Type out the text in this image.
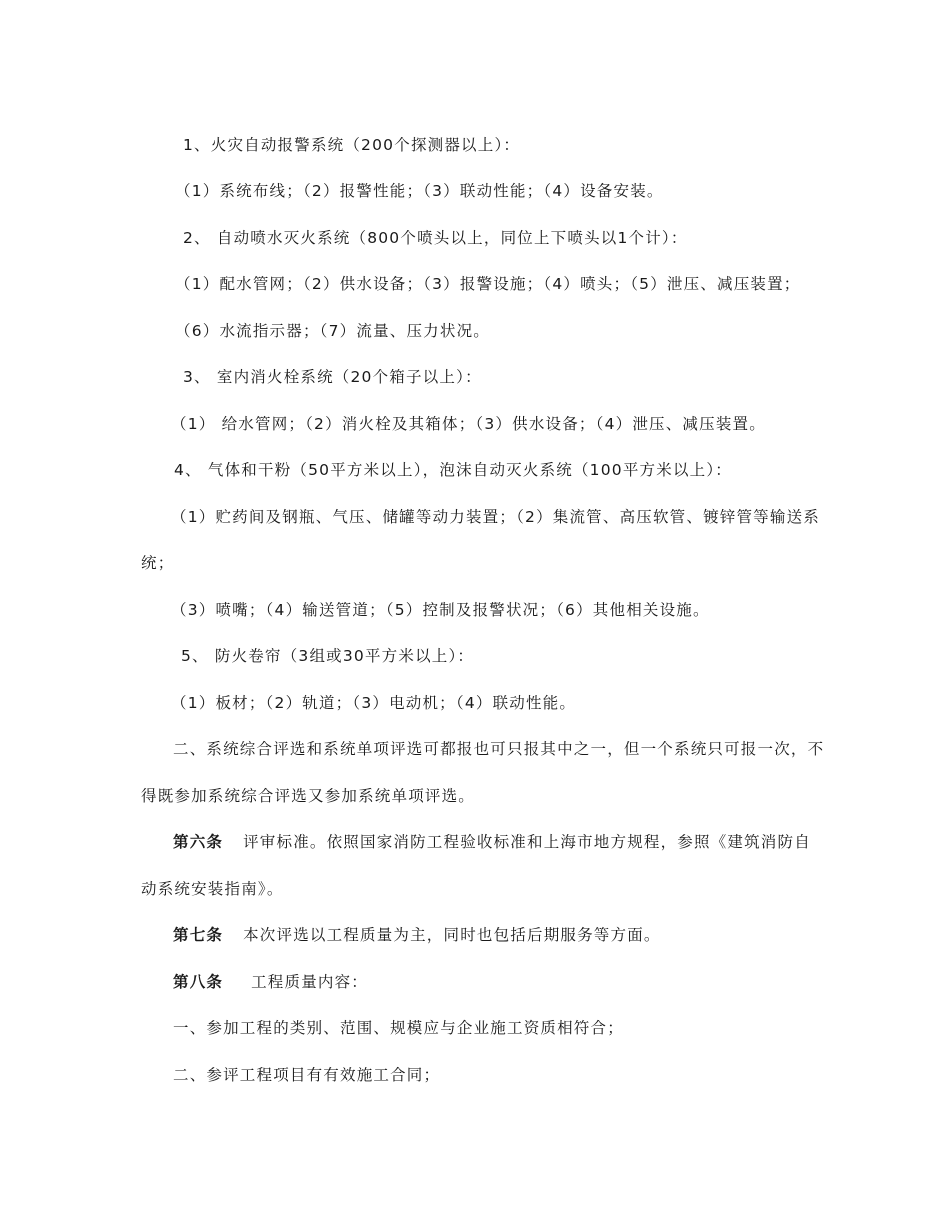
1、火灾自动报警系统（200个探测器以上）：
（1）系统布线；（2）报警性能；（3）联动性能；（4）设备安装。
2、 自动喷水灭火系统（800个喷头以上，同位上下喷头以1个计）：
（1）配水管网；（2）供水设备；（3）报警设施；（4）喷头；（5）泄压、减压装置；
（6）水流指示器；（7）流量、压力状况。
3、 室内消火栓系统（20个箱子以上）：
（1） 给水管网；（2）消火栓及其箱体；（3）供水设备；（4）泄压、减压装置。
4、 气体和干粉（50平方米以上），泡沫自动灭火系统（100平方米以上）：
（1）贮药间及钢瓶、气压、储罐等动力装置；（2）集流管、高压软管、镀锌管等输送系
统；
（3）喷嘴；（4）输送管道；（5）控制及报警状况；（6）其他相关设施。
5、 防火卷帘（3组或30平方米以上）：
（1）板材；（2）轨道；（3）电动机；（4）联动性能。
二、系统综合评选和系统单项评选可都报也可只报其中之一，但一个系统只可报一次，不
得既参加系统综合评选又参加系统单项评选。
第六条 评审标准。依照国家消防工程验收标准和上海市地方规程，参照《建筑消防自
动系统安装指南》。
第七条 本次评选以工程质量为主，同时也包括后期服务等方面。
第八条 工程质量内容：
一、参加工程的类别、范围、规模应与企业施工资质相符合；
二、参评工程项目有有效施工合同；
